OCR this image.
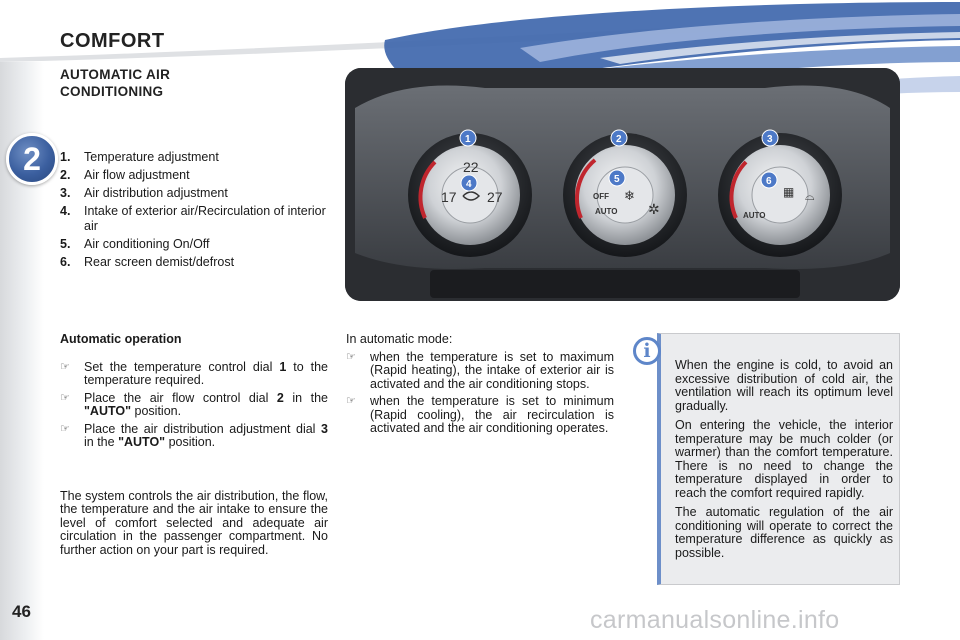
2
46
COMFORT
AUTOMATIC AIR CONDITIONING
1.	Temperature adjustment
2.	Air flow adjustment
3.	Air distribution adjustment
4.	Intake of exterior air/Recirculation of interior air
5.	Air conditioning On/Off
6.	Rear screen demist/defrost
17
22
27	OFF
AUTO ✲
❄
AUTO
▦ ⌓
1	2	3
4	5	6
Automatic operation
☞	Set the temperature control dial 1 to the temperature required.
☞	Place the air flow control dial 2 in the "AUTO" position.
☞	Place the air distribution adjustment dial 3 in the "AUTO" position.

The system controls the air distribution, the flow, the temperature and the air intake to ensure the level of comfort selected and adequate air circulation in the passenger compartment. No further action on your part is required.

In automatic mode:
☞	when the temperature is set to maximum (Rapid heating), the intake of exterior air is activated and the air conditioning stops.
☞	when the temperature is set to minimum (Rapid cooling), the air recirculation is activated and the air conditioning operates.
i

When the engine is cold, to avoid an excessive distribution of cold air, the ventilation will reach its optimum level gradually.

On entering the vehicle, the interior temperature may be much colder (or warmer) than the comfort temperature. There is no need to change the temperature displayed in order to reach the comfort required rapidly.

The automatic regulation of the air conditioning will operate to correct the temperature difference as quickly as possible.

carmanualsonline.info
